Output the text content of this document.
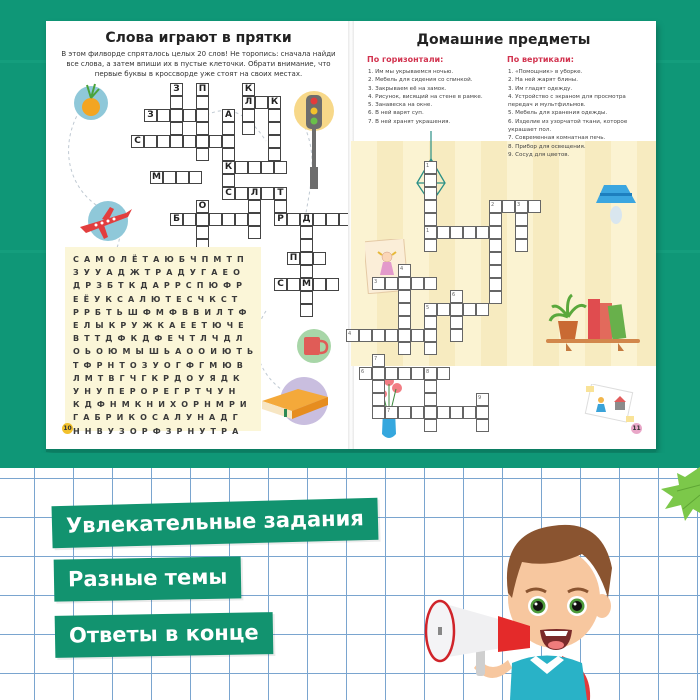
Слова играют в прятки
В этом филворде спряталось целых 20 слов! Не торопись: сначала найди все слова, а затем впиши их в пустые клеточки. Обрати внимание, что первые буквы в кроссворде уже стоят на своих местах.
З	П	К
Л	К
З	А
С
К
М
С	Л	Т
О
Б	Р	Д
П
С	М
САМОЛЁТАЮБЧПМТП
ЗУУАДЖТРАДУГАЕО
ДРЗБТКДАРРСПЮФР
ЕЁУКСАЛЮТЕСЧКСТ
РРБТЬШФМФВВИЛТФ
ЕЛЫКРУЖКАЕЕТЮЧЕ
ВТТДФКДФЕЧТЛЧДЛ
ОЬОЮМЫШЬАООИЮТЬ
ТФРНТОЗУОГФГМЮВ
ЛМТВГЧГКРДОУЯДК
УНУПЕРОРЕГРТЧУН
КДФНМКНИХОРНМРИ
ГАБРИКОСАЛУНАДГ
ННВУЗОРФЗРНУТРА
10
Домашние предметы
По горизонтали:
1. Им мы укрываемся ночью.
2. Мебель для сидения со спинкой.
3. Закрываем её на замок.
4. Рисунок, висящий на стене в рамке.
5. Занавеска на окне.
6. В ней варят суп.
7. В ней хранят украшения.
По вертикали:
1. «Помощник» в уборке.
2. На ней жарят блины.
3. Им гладят одежду.
4. Устройство с экраном для просмотра передач и мультфильмов.
5. Мебель для хранения одежды.
6. Изделие из узорчатой ткани, которое украшает пол.
7. Современная комнатная печь.
8. Прибор для освещения.
9. Сосуд для цветов.
1
1
2	3
4
3
6
5
4
7
6	8
7
9
11
Увлекательные задания
Разные темы
Ответы в конце
